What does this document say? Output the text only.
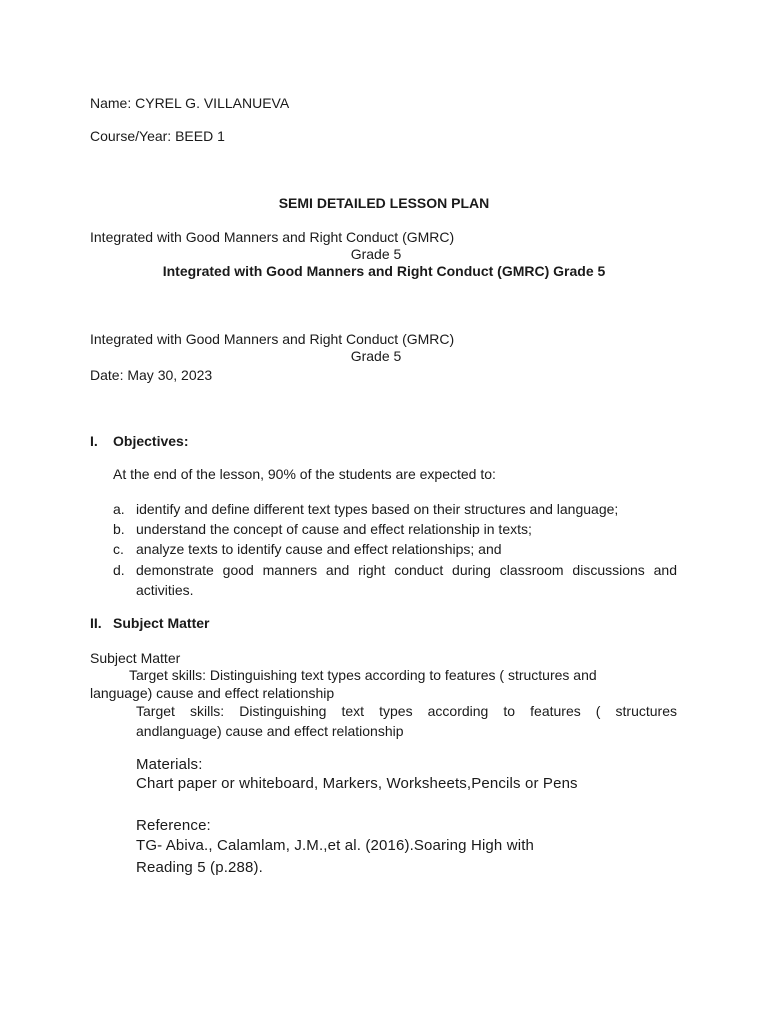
Name: CYREL G. VILLANUEVA

Course/Year: BEED 1

SEMI DETAILED LESSON PLAN

Integrated with Good Manners and Right Conduct (GMRC)

Grade 5

Integrated with Good Manners and Right Conduct (GMRC) Grade 5

Integrated with Good Manners and Right Conduct (GMRC)

Grade 5

Date: May 30, 2023

I. Objectives:

At the end of the lesson, 90% of the students are expected to:

a. identify and define different text types based on their structures and language;

b. understand the concept of cause and effect relationship in texts;

c. analyze texts to identify cause and effect relationships; and

d. demonstrate good manners and right conduct during classroom discussions and

activities.

II. Subject Matter

Subject Matter

Target skills: Distinguishing text types according to features ( structures and

language) cause and effect relationship

Target skills: Distinguishing text types according to features ( structures

andlanguage) cause and effect relationship

Materials:

Chart paper or whiteboard, Markers, Worksheets,Pencils or Pens

Reference:

TG- Abiva., Calamlam, J.M.,et al. (2016).Soaring High with

Reading 5 (p.288).
